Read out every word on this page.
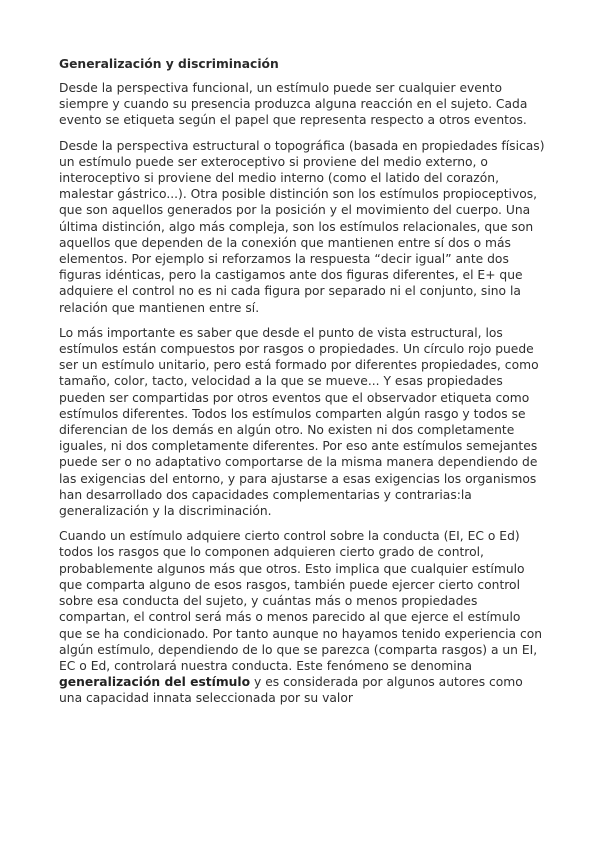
Generalización y discriminación

Desde la perspectiva funcional, un estímulo puede ser cualquier evento siempre y cuando su presencia produzca alguna reacción en el sujeto. Cada evento se etiqueta según el papel que representa respecto a otros eventos.

Desde la perspectiva estructural o topográfica (basada en propiedades físicas) un estímulo puede ser exteroceptivo si proviene del medio externo, o interoceptivo si proviene del medio interno (como el latido del corazón, malestar gástrico...). Otra posible distinción son los estímulos propioceptivos, que son aquellos generados por la posición y el movimiento del cuerpo. Una última distinción, algo más compleja, son los estímulos relacionales, que son aquellos que dependen de la conexión que mantienen entre sí dos o más elementos. Por ejemplo si reforzamos la respuesta “decir igual” ante dos figuras idénticas, pero la castigamos ante dos figuras diferentes, el E+ que adquiere el control no es ni cada figura por separado ni el conjunto, sino la relación que mantienen entre sí.

Lo más importante es saber que desde el punto de vista estructural, los estímulos están compuestos por rasgos o propiedades. Un círculo rojo puede ser un estímulo unitario, pero está formado por diferentes propiedades, como tamaño, color, tacto, velocidad a la que se mueve... Y esas propiedades pueden ser compartidas por otros eventos que el observador etiqueta como estímulos diferentes. Todos los estímulos comparten algún rasgo y todos se diferencian de los demás en algún otro. No existen ni dos completamente iguales, ni dos completamente diferentes. Por eso ante estímulos semejantes puede ser o no adaptativo comportarse de la misma manera dependiendo de las exigencias del entorno, y para ajustarse a esas exigencias los organismos han desarrollado dos capacidades complementarias y contrarias:la generalización y la discriminación.

Cuando un estímulo adquiere cierto control sobre la conducta (EI, EC o Ed) todos los rasgos que lo componen adquieren cierto grado de control, probablemente algunos más que otros. Esto implica que cualquier estímulo que comparta alguno de esos rasgos, también puede ejercer cierto control sobre esa conducta del sujeto, y cuántas más o menos propiedades compartan, el control será más o menos parecido al que ejerce el estímulo que se ha condicionado. Por tanto aunque no hayamos tenido experiencia con algún estímulo, dependiendo de lo que se parezca (comparta rasgos) a un EI, EC o Ed, controlará nuestra conducta. Este fenómeno se denomina generalización del estímulo y es considerada por algunos autores como una capacidad innata seleccionada por su valor
